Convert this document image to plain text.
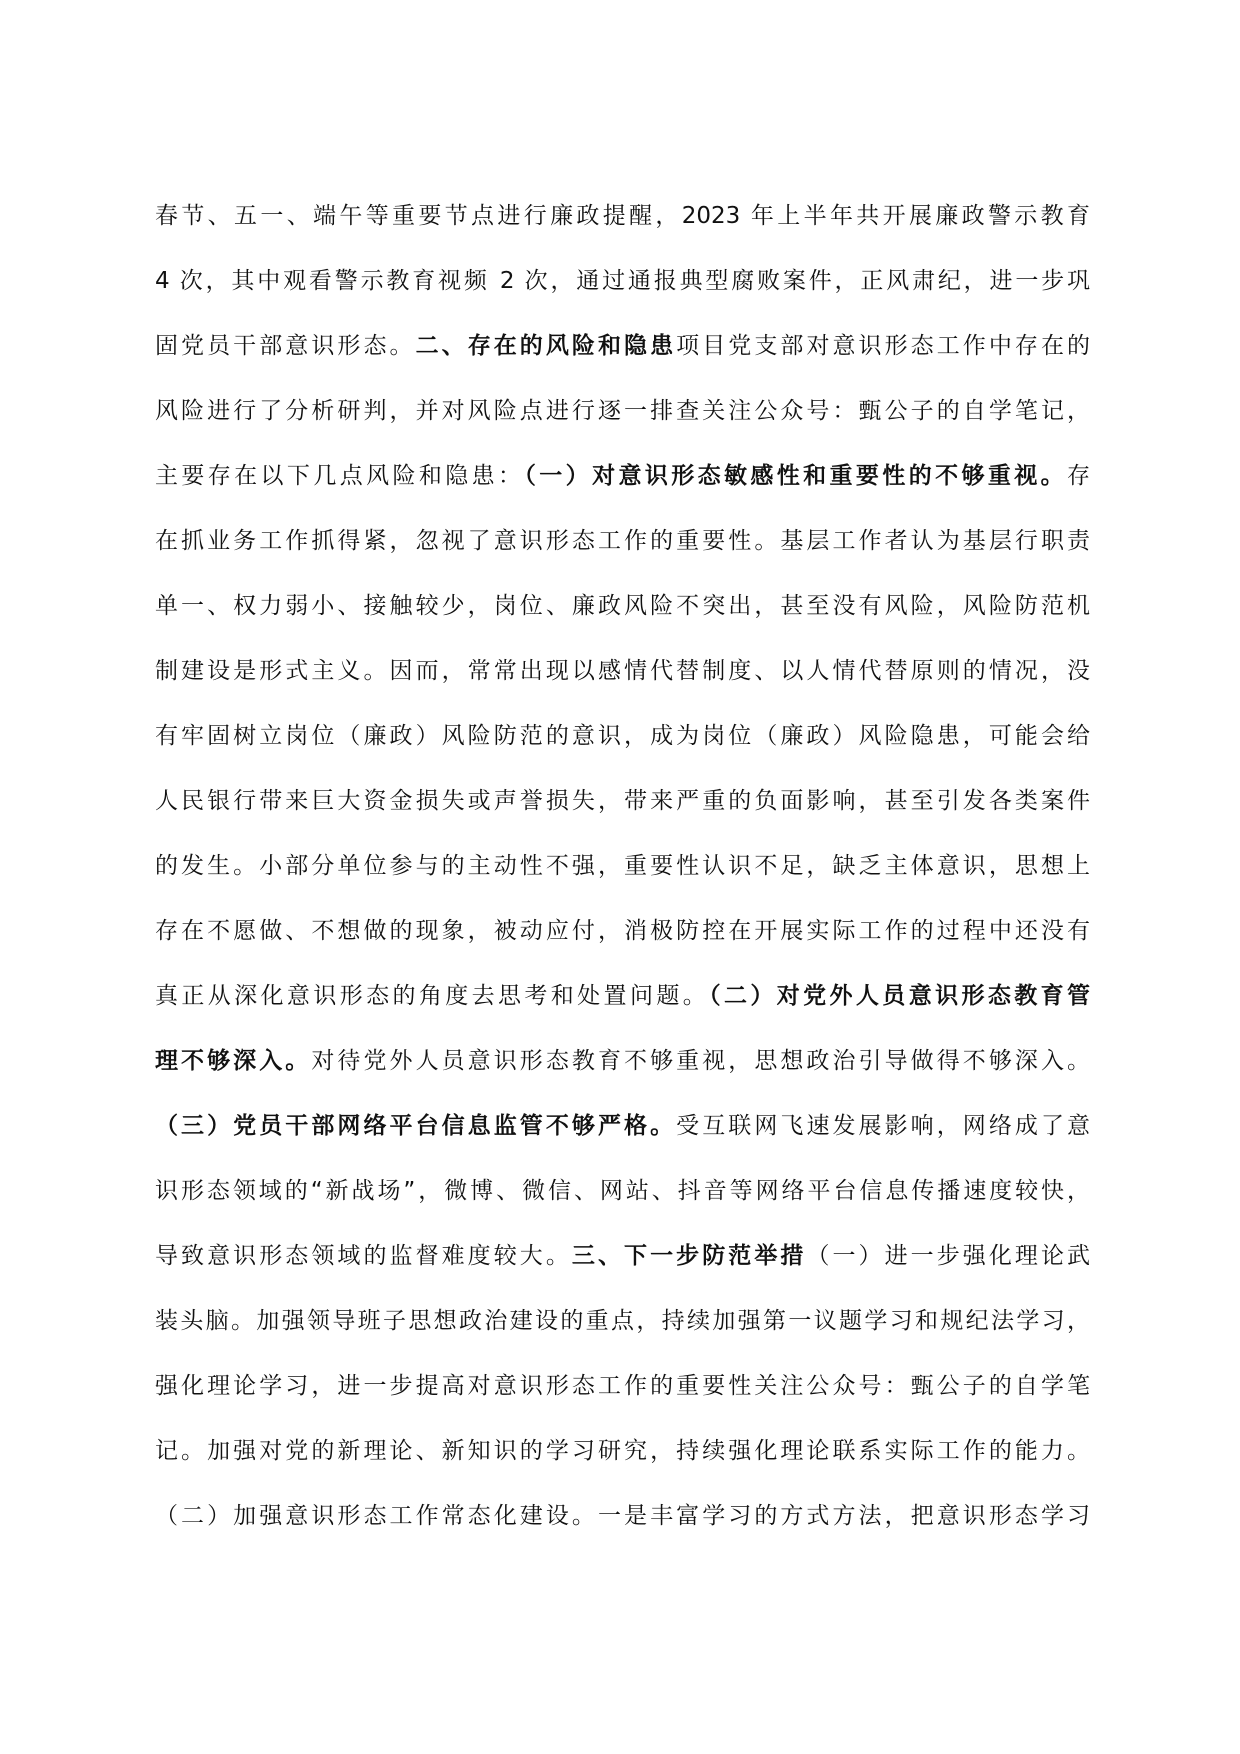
春节、五一、端午等重要节点进行廉政提醒，2023 年上半年共开展廉政警示教育
4 次，其中观看警示教育视频 2 次，通过通报典型腐败案件，正风肃纪，进一步巩
固党员干部意识形态。二、存在的风险和隐患项目党支部对意识形态工作中存在的
风险进行了分析研判，并对风险点进行逐一排查关注公众号：甄公子的自学笔记，
主要存在以下几点风险和隐患：（一）对意识形态敏感性和重要性的不够重视。存
在抓业务工作抓得紧，忽视了意识形态工作的重要性。基层工作者认为基层行职责
单一、权力弱小、接触较少，岗位、廉政风险不突出，甚至没有风险，风险防范机
制建设是形式主义。因而，常常出现以感情代替制度、以人情代替原则的情况，没
有牢固树立岗位（廉政）风险防范的意识，成为岗位（廉政）风险隐患，可能会给
人民银行带来巨大资金损失或声誉损失，带来严重的负面影响，甚至引发各类案件
的发生。小部分单位参与的主动性不强，重要性认识不足，缺乏主体意识，思想上
存在不愿做、不想做的现象，被动应付，消极防控在开展实际工作的过程中还没有
真正从深化意识形态的角度去思考和处置问题。（二）对党外人员意识形态教育管
理不够深入。对待党外人员意识形态教育不够重视，思想政治引导做得不够深入。
（三）党员干部网络平台信息监管不够严格。受互联网飞速发展影响，网络成了意
识形态领域的“新战场”，微博、微信、网站、抖音等网络平台信息传播速度较快，
导致意识形态领域的监督难度较大。三、下一步防范举措（一）进一步强化理论武
装头脑。加强领导班子思想政治建设的重点，持续加强第一议题学习和规纪法学习，
强化理论学习，进一步提高对意识形态工作的重要性关注公众号：甄公子的自学笔
记。加强对党的新理论、新知识的学习研究，持续强化理论联系实际工作的能力。
（二）加强意识形态工作常态化建设。一是丰富学习的方式方法，把意识形态学习
